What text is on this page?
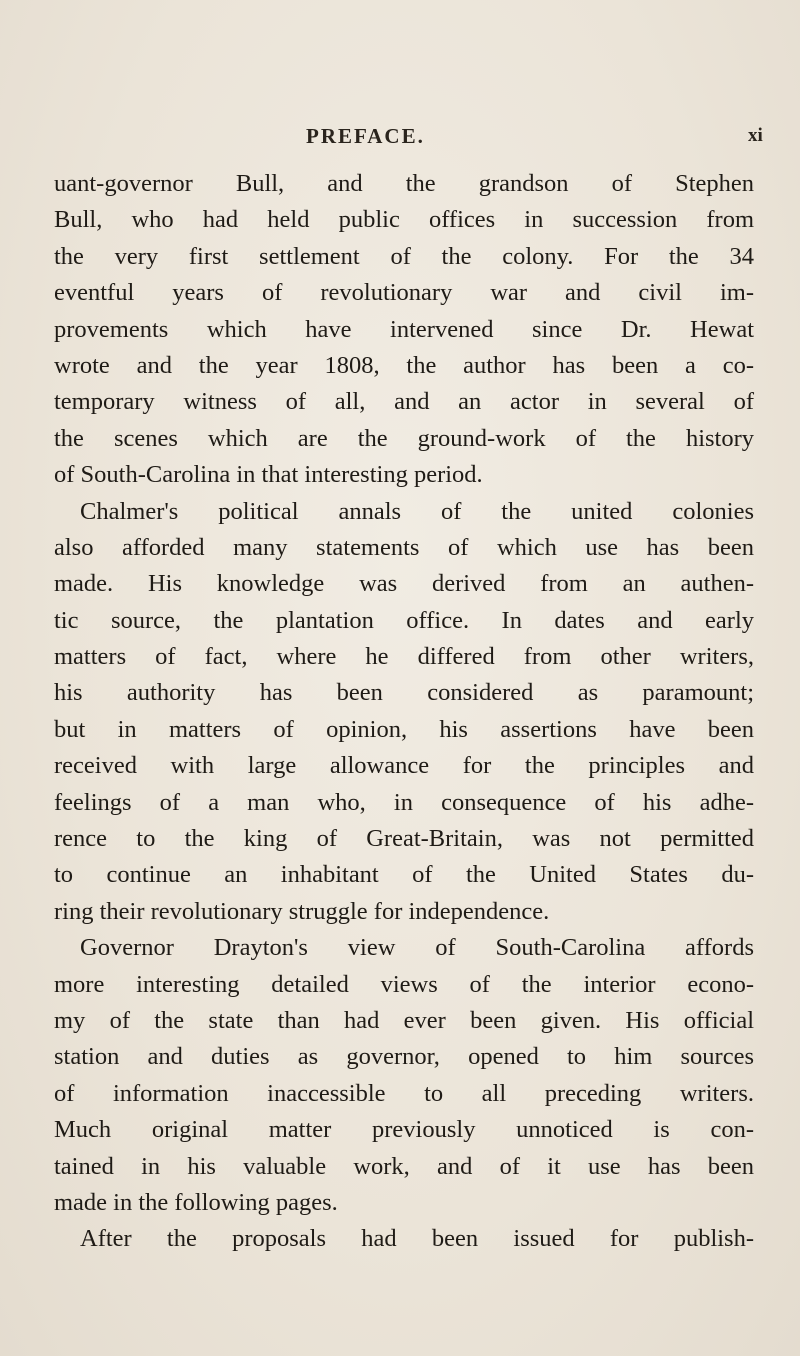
PREFACE.	xi
uant-governor Bull, and the grandson of Stephen
Bull, who had held public offices in succession from
the very first settlement of the colony. For the 34
eventful years of revolutionary war and civil im-
provements which have intervened since Dr. Hewat
wrote and the year 1808, the author has been a co-
temporary witness of all, and an actor in several of
the scenes which are the ground-work of the history
of South-Carolina in that interesting period.
Chalmer's political annals of the united colonies
also afforded many statements of which use has been
made. His knowledge was derived from an authen-
tic source, the plantation office. In dates and early
matters of fact, where he differed from other writers,
his authority has been considered as paramount;
but in matters of opinion, his assertions have been
received with large allowance for the principles and
feelings of a man who, in consequence of his adhe-
rence to the king of Great-Britain, was not permitted
to continue an inhabitant of the United States du-
ring their revolutionary struggle for independence.
Governor Drayton's view of South-Carolina affords
more interesting detailed views of the interior econo-
my of the state than had ever been given. His official
station and duties as governor, opened to him sources
of information inaccessible to all preceding writers.
Much original matter previously unnoticed is con-
tained in his valuable work, and of it use has been
made in the following pages.
After the proposals had been issued for publish-
